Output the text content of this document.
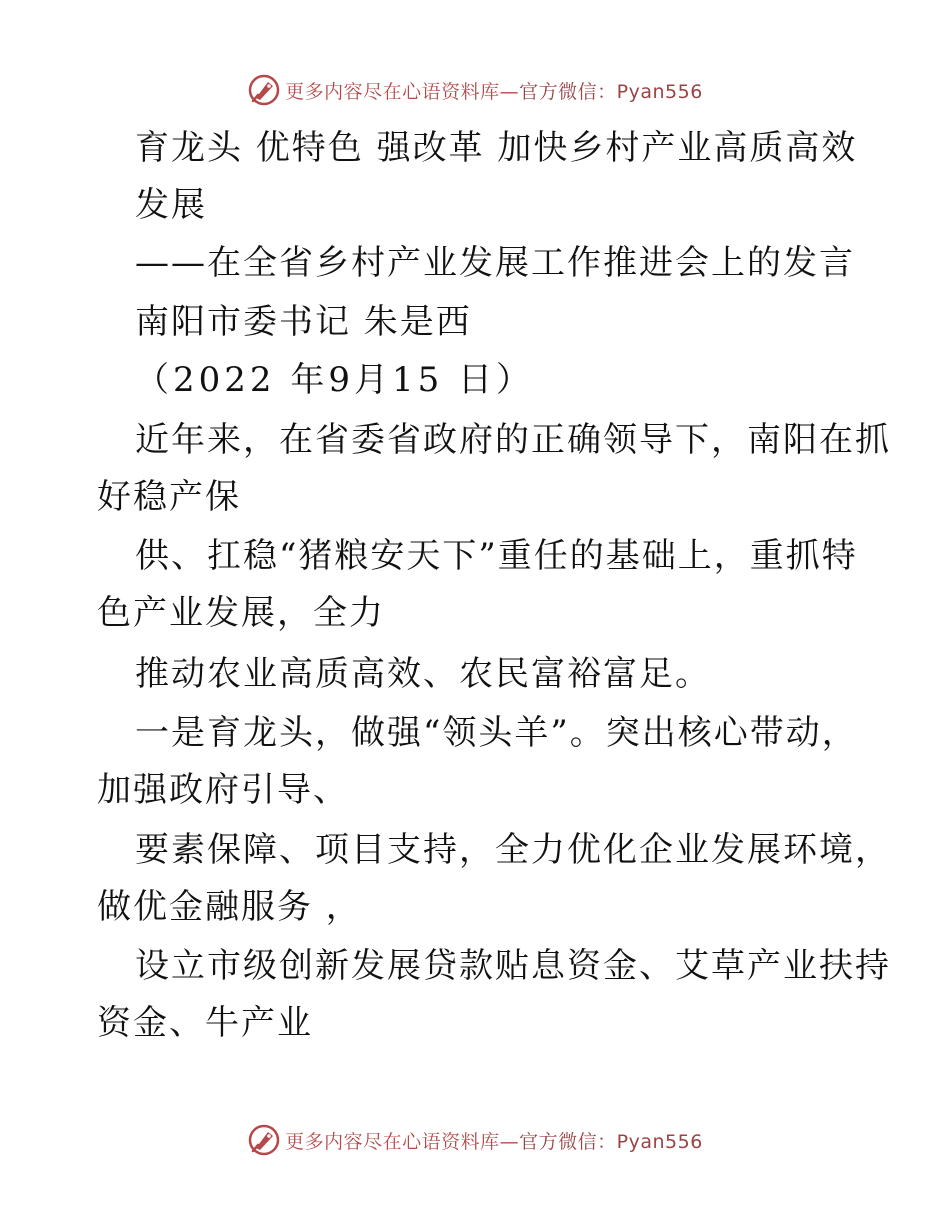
更多内容尽在心语资料库—官方微信：Pyan556
育龙头 优特色 强改革 加快乡村产业高质高效
发展
——在全省乡村产业发展工作推进会上的发言
南阳市委书记 朱是西
（2022 年9月15 日）
近年来，在省委省政府的正确领导下，南阳在抓
好稳产保
供、扛稳“猪粮安天下”重任的基础上，重抓特
色产业发展，全力
推动农业高质高效、农民富裕富足。
一是育龙头，做强“领头羊”。突出核心带动，
加强政府引导、
要素保障、项目支持，全力优化企业发展环境，
做优金融服务 ，
设立市级创新发展贷款贴息资金、艾草产业扶持
资金、牛产业
更多内容尽在心语资料库—官方微信：Pyan556
